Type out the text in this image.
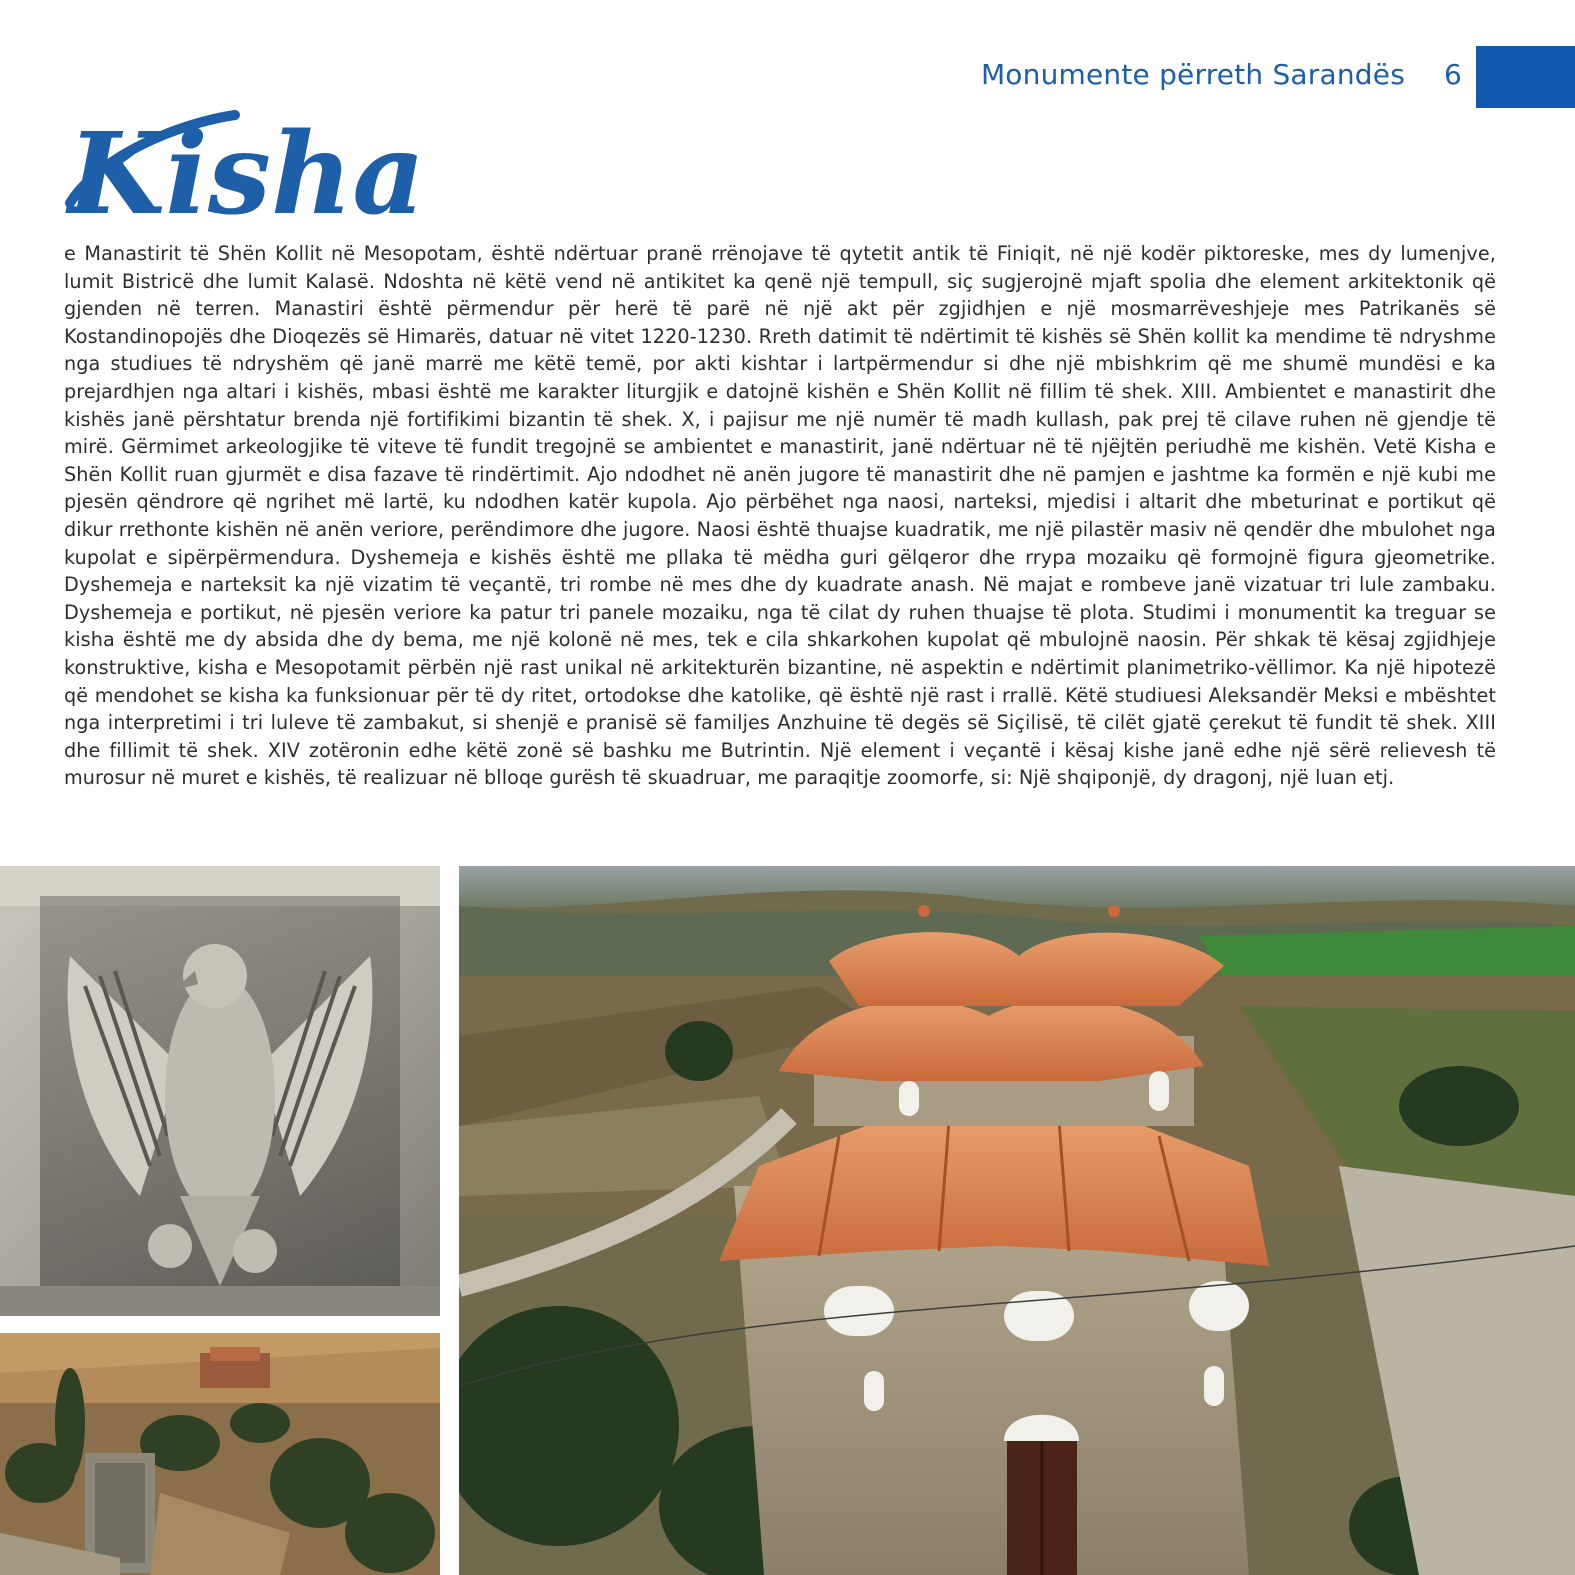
Monumente përreth Sarandës 6
Kisha
e Manastirit të Shën Kollit në Mesopotam, është ndërtuar pranë rrënojave të qytetit antik të Finiqit, në një kodër piktoreske, mes dy lumenjve, lumit Bistricë dhe lumit Kalasë. Ndoshta në këtë vend në antikitet ka qenë një tempull, siç sugjerojnë mjaft spolia dhe element arkitektonik që gjenden në terren. Manastiri është përmendur për herë të parë në një akt për zgjidhjen e një mosmarrëveshjeje mes Patrikanës së Kostandinopojës dhe Dioqezës së Himarës, datuar në vitet 1220-1230. Rreth datimit të ndërtimit të kishës së Shën kollit ka mendime të ndryshme nga studiues të ndryshëm që janë marrë me këtë temë, por akti kishtar i lartpërmendur si dhe një mbishkrim që me shumë mundësi e ka prejardhjen nga altari i kishës, mbasi është me karakter liturgjik e datojnë kishën e Shën Kollit në fillim të shek. XIII. Ambientet e manastirit dhe kishës janë përshtatur brenda një fortifikimi bizantin të shek. X, i pajisur me një numër të madh kullash, pak prej të cilave ruhen në gjendje të mirë. Gërmimet arkeologjike të viteve të fundit tregojnë se ambientet e manastirit, janë ndërtuar në të njëjtën periudhë me kishën. Vetë Kisha e Shën Kollit ruan gjurmët e disa fazave të rindërtimit. Ajo ndodhet në anën jugore të manastirit dhe në pamjen e jashtme ka formën e një kubi me pjesën qëndrore që ngrihet më lartë, ku ndodhen katër kupola. Ajo përbëhet nga naosi, narteksi, mjedisi i altarit dhe mbeturinat e portikut që dikur rrethonte kishën në anën veriore, perëndimore dhe jugore. Naosi është thuajse kuadratik, me një pilastër masiv në qendër dhe mbulohet nga kupolat e sipërpërmendura. Dyshemeja e kishës është me pllaka të mëdha guri gëlqeror dhe rrypa mozaiku që formojnë figura gjeometrike. Dyshemeja e narteksit ka një vizatim të veçantë, tri rombe në mes dhe dy kuadrate anash. Në majat e rombeve janë vizatuar tri lule zambaku. Dyshemeja e portikut, në pjesën veriore ka patur tri panele mozaiku, nga të cilat dy ruhen thuajse të plota. Studimi i monumentit ka treguar se kisha është me dy absida dhe dy bema, me një kolonë në mes, tek e cila shkarkohen kupolat që mbulojnë naosin. Për shkak të kësaj zgjidhjeje konstruktive, kisha e Mesopotamit përbën një rast unikal në arkitekturën bizantine, në aspektin e ndërtimit planimetriko-vëllimor. Ka një hipotezë që mendohet se kisha ka funksionuar për të dy ritet, ortodokse dhe katolike, që është një rast i rrallë. Këtë studiuesi Aleksandër Meksi e mbështet nga interpretimi i tri luleve të zambakut, si shenjë e pranisë së familjes Anzhuine të degës së Siçilisë, të cilët gjatë çerekut të fundit të shek. XIII dhe fillimit të shek. XIV zotëronin edhe këtë zonë së bashku me Butrintin. Një element i veçantë i kësaj kishe janë edhe një sërë relievesh të murosur në muret e kishës, të realizuar në blloqe gurësh të skuadruar, me paraqitje zoomorfe, si: Një shqiponjë, dy dragonj, një luan etj.
